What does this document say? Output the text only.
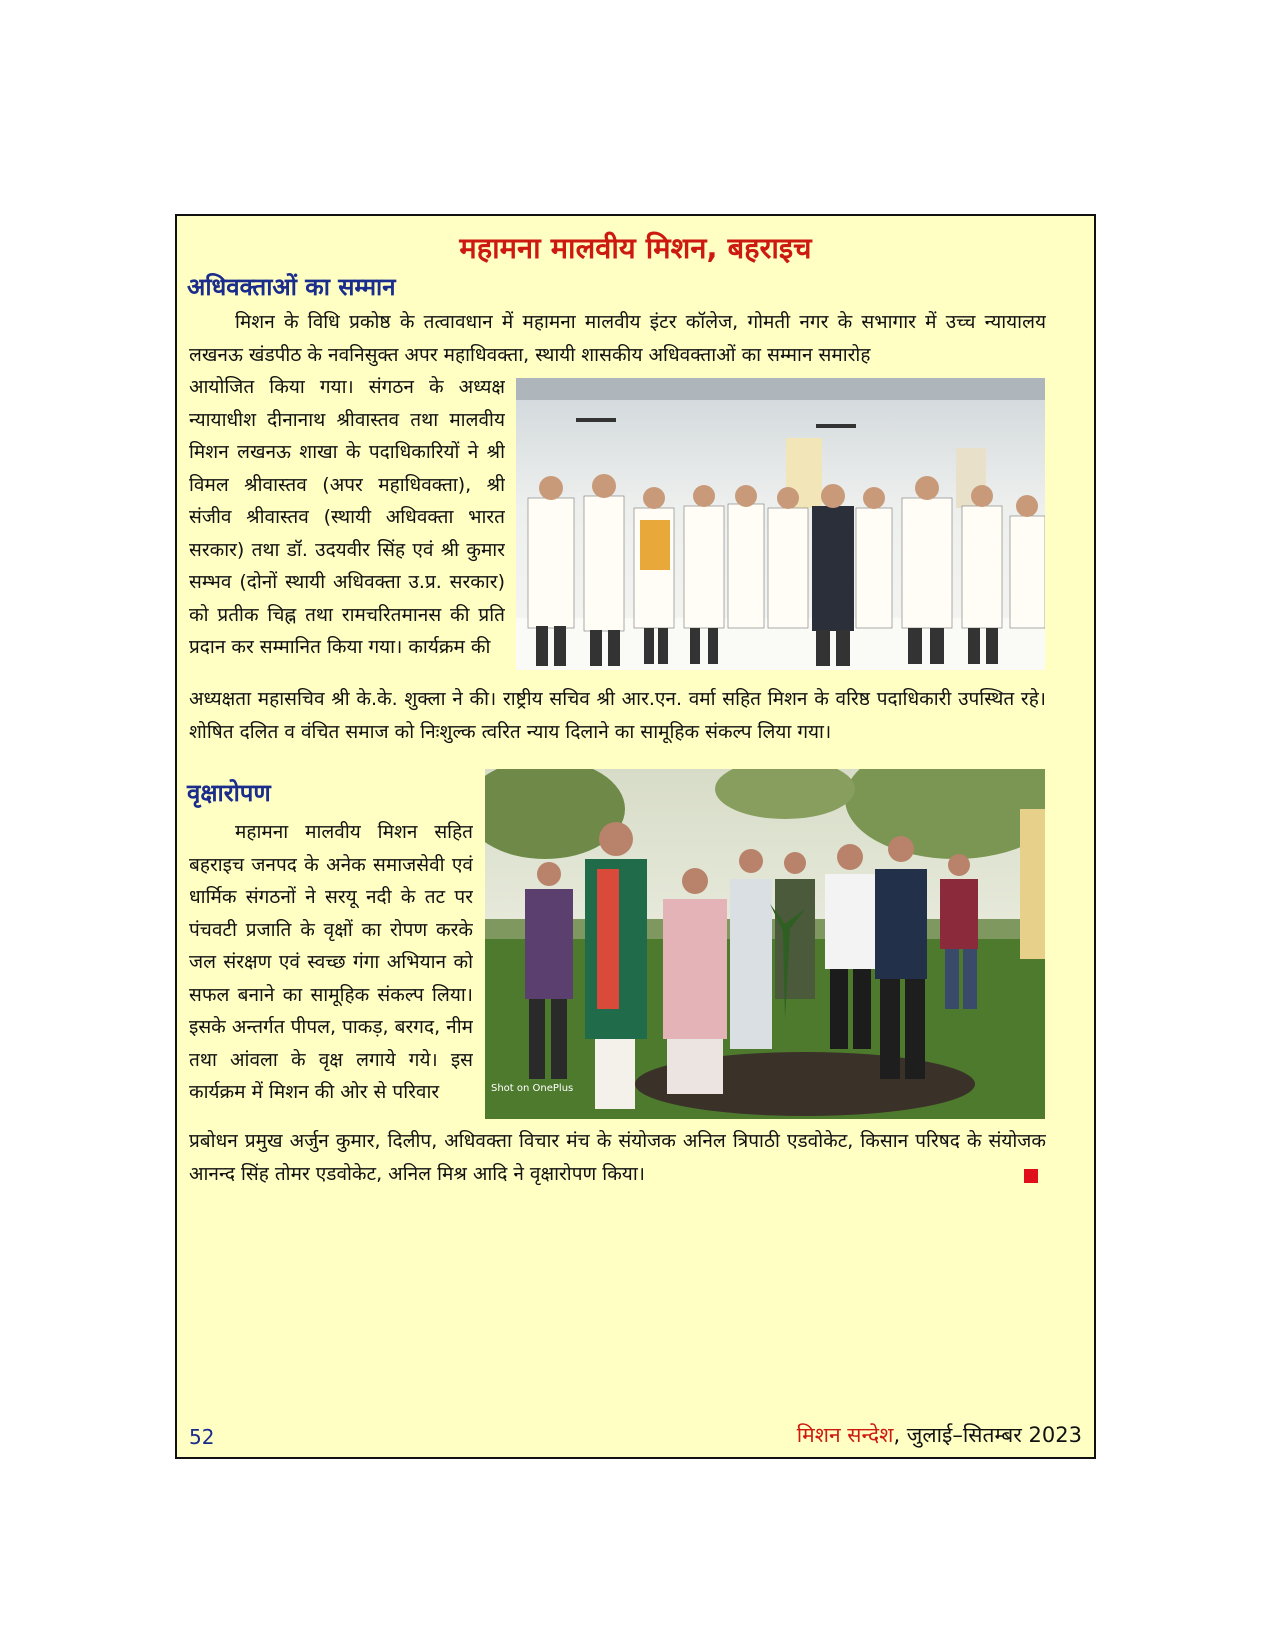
महामना मालवीय मिशन, बहराइच
अधिवक्ताओं का सम्मान

मिशन के विधि प्रकोष्ठ के तत्वावधान में महामना मालवीय इंटर कॉलेज, गोमती नगर के सभागार में उच्च न्यायालय लखनऊ खंडपीठ के नवनिसुक्त अपर महाधिवक्ता, स्थायी शासकीय अधिवक्ताओं का सम्मान समारोह

आयोजित किया गया। संगठन के अध्यक्ष न्यायाधीश दीनानाथ श्रीवास्तव तथा मालवीय मिशन लखनऊ शाखा के पदाधिकारियों ने श्री विमल श्रीवास्तव (अपर महाधिवक्ता), श्री संजीव श्रीवास्तव (स्थायी अधिवक्ता भारत सरकार) तथा डॉ. उदयवीर सिंह एवं श्री कुमार सम्भव (दोनों स्थायी अधिवक्ता उ.प्र. सरकार) को प्रतीक चिह्न तथा रामचरितमानस की प्रति प्रदान कर सम्मानित किया गया। कार्यक्रम की

अध्यक्षता महासचिव श्री के.के. शुक्ला ने की। राष्ट्रीय सचिव श्री आर.एन. वर्मा सहित मिशन के वरिष्ठ पदाधिकारी उपस्थित रहे। शोषित दलित व वंचित समाज को निःशुल्क त्वरित न्याय दिलाने का सामूहिक संकल्प लिया गया।

वृक्षारोपण

महामना मालवीय मिशन सहित बहराइच जनपद के अनेक समाजसेवी एवं धार्मिक संगठनों ने सरयू नदी के तट पर पंचवटी प्रजाति के वृक्षों का रोपण करके जल संरक्षण एवं स्वच्छ गंगा अभियान को सफल बनाने का सामूहिक संकल्प लिया। इसके अन्तर्गत पीपल, पाकड़, बरगद, नीम तथा आंवला के वृक्ष लगाये गये। इस कार्यक्रम में मिशन की ओर से परिवार	Shot on OnePlus

प्रबोधन प्रमुख अर्जुन कुमार, दिलीप, अधिवक्ता विचार मंच के संयोजक अनिल त्रिपाठी एडवोकेट, किसान परिषद के संयोजक आनन्द सिंह तोमर एडवोकेट, अनिल मिश्र आदि ने वृक्षारोपण किया।

52	मिशन सन्देश, जुलाई–सितम्बर 2023
